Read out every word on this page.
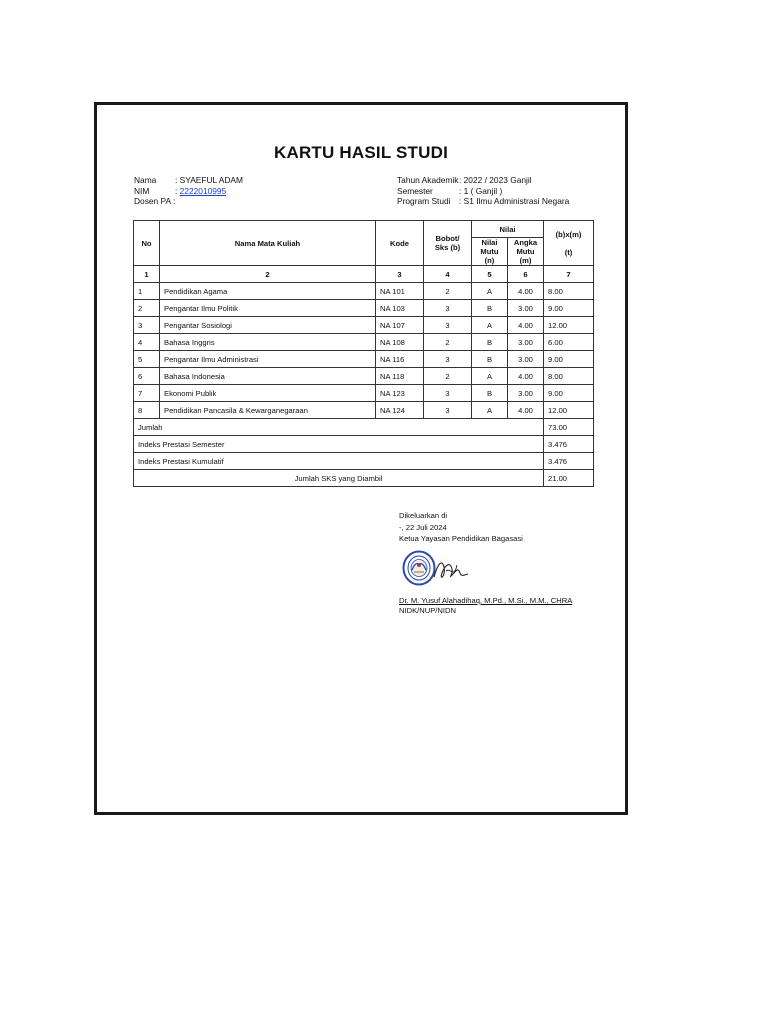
KARTU HASIL STUDI
Nama : SYAEFUL ADAM
NIM	: 2222010995
Dosen PA :
Tahun Akademik: 2022 / 2023 Ganjil
Semester	: 1 ( Ganjil )
Program Studi : S1 Ilmu Administrasi Negara
No	Nama Mata Kuliah	Kode	Bobot/ Sks (b)	Nilai		(b)x(m)
(t)

				Nilai Mutu (n)	Angka Mutu (m)	
1	2	3	4	5	6	7
1	Pendidikan Agama	NA 101	2	A	4.00	8.00
2	Pengantar Ilmu Politik	NA 103	3	B	3.00	9.00
3	Pengantar Sosiologi	NA 107	3	A	4.00	12.00
4	Bahasa Inggris	NA 108	2	B	3.00	6.00
5	Pengantar Ilmu Administrasi	NA 116	3	B	3.00	9.00
6	Bahasa Indonesia	NA 118	2	A	4.00	8.00
7	Ekonomi Publik	NA 123	3	B	3.00	9.00
8	Pendidikan Pancasila & Kewarganegaraan	NA 124	3	A	4.00	12.00
Jumlah						73.00
Indeks Prestasi Semester						3.476
Indeks Prestasi Kumulatif						3.476
Jumlah SKS yang Diambil						21.00
Dikeluarkan di
-, 22 Juli 2024
Ketua Yayasan Pendidikan Bagasasi
Dr. M. Yusuf Alahadihaq, M.Pd., M.Si., M.M., CHRA
NIDK/NUP/NIDN
